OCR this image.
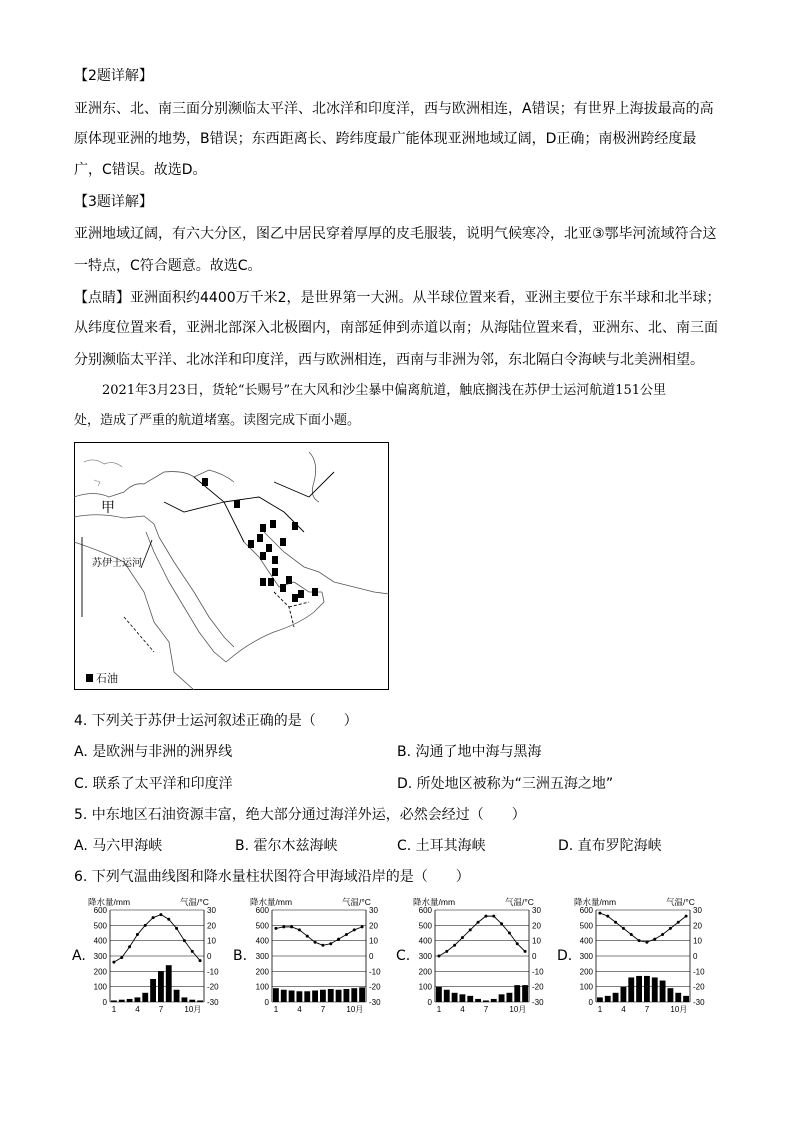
【2题详解】
亚洲东、北、南三面分别濒临太平洋、北冰洋和印度洋，西与欧洲相连，A错误；有世界上海拔最高的高
原体现亚洲的地势，B错误；东西距离长、跨纬度最广能体现亚洲地域辽阔，D正确；南极洲跨经度最
广，C错误。故选D。
【3题详解】
亚洲地域辽阔，有六大分区，图乙中居民穿着厚厚的皮毛服装，说明气候寒冷，北亚③鄂毕河流域符合这
一特点，C符合题意。故选C。
【点睛】亚洲面积约4400万千米2，是世界第一大洲。从半球位置来看，亚洲主要位于东半球和北半球；
从纬度位置来看，亚洲北部深入北极圈内，南部延伸到赤道以南；从海陆位置来看，亚洲东、北、南三面
分别濒临太平洋、北冰洋和印度洋，西与欧洲相连，西南与非洲为邻，东北隔白令海峡与北美洲相望。
2021年3月23日，货轮“长赐号”在大风和沙尘暴中偏离航道，触底搁浅在苏伊士运河航道151公里
处，造成了严重的航道堵塞。读图完成下面小题。
甲
苏伊士运河
石油
4. 下列关于苏伊士运河叙述正确的是（　　）
A. 是欧洲与非洲的洲界线	B. 沟通了地中海与黑海
C. 联系了太平洋和印度洋	D. 所处地区被称为“三洲五海之地”
5. 中东地区石油资源丰富，绝大部分通过海洋外运，必然会经过（　　）
A. 马六甲海峡	B. 霍尔木兹海峡	C. 土耳其海峡	D. 直布罗陀海峡
6. 下列气温曲线图和降水量柱状图符合甲海域沿岸的是（　　）
A.	B.	C.	D.
降水量/mm	气温/°C
600	30
500	20
400	10
300	0
200	-10
100	-20
0	-30
1 4 7	10月
降水量/mm	气温/°C
600	30
500	20
400	10
300	0
200	-10
100	-20
0	-30
1 4 7	10月
降水量/mm	气温/°C
600	30
500	20
400	10
300	0
200	-10
100	-20
0	-30
1 4 7	10月
降水量/mm	气温/°C
600	30
500	20
400	10
300	0
200	-10
100	-20
0	-30
1 4 7	10月
